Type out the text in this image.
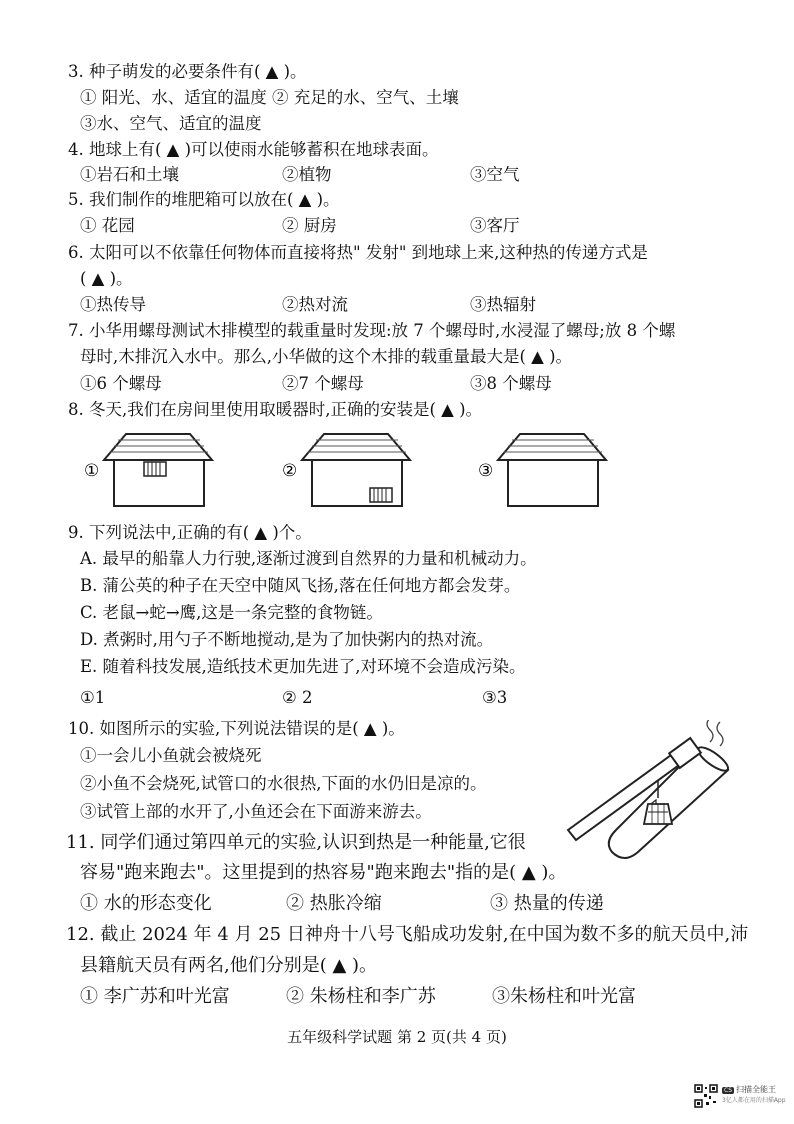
3. 种子萌发的必要条件有( ▲ )。
① 阳光、水、适宜的温度 ② 充足的水、空气、土壤
③水、空气、适宜的温度
4. 地球上有( ▲ )可以使雨水能够蓄积在地球表面。
①岩石和土壤	②植物	③空气
5. 我们制作的堆肥箱可以放在( ▲ )。
① 花园	② 厨房	③客厅
6. 太阳可以不依靠任何物体而直接将热" 发射" 到地球上来,这种热的传递方式是
( ▲ )。
①热传导	②热对流	③热辐射
7. 小华用螺母测试木排模型的载重量时发现:放 7 个螺母时,水浸湿了螺母;放 8 个螺
母时,木排沉入水中。那么,小华做的这个木排的载重量最大是( ▲ )。
①6 个螺母	②7 个螺母	③8 个螺母
8. 冬天,我们在房间里使用取暖器时,正确的安装是( ▲ )。
9. 下列说法中,正确的有( ▲ )个。
A. 最早的船靠人力行驶,逐渐过渡到自然界的力量和机械动力。
B. 蒲公英的种子在天空中随风飞扬,落在任何地方都会发芽。
C. 老鼠→蛇→鹰,这是一条完整的食物链。
D. 煮粥时,用勺子不断地搅动,是为了加快粥内的热对流。
E. 随着科技发展,造纸技术更加先进了,对环境不会造成污染。
①1	② 2	③3
10. 如图所示的实验,下列说法错误的是( ▲ )。
①一会儿小鱼就会被烧死
②小鱼不会烧死,试管口的水很热,下面的水仍旧是凉的。
③试管上部的水开了,小鱼还会在下面游来游去。
11. 同学们通过第四单元的实验,认识到热是一种能量,它很
容易"跑来跑去"。这里提到的热容易"跑来跑去"指的是( ▲ )。
① 水的形态变化	② 热胀冷缩	③ 热量的传递
12. 截止 2024 年 4 月 25 日神舟十八号飞船成功发射,在中国为数不多的航天员中,沛
县籍航天员有两名,他们分别是( ▲ )。
① 李广苏和叶光富	② 朱杨柱和李广苏	③朱杨柱和叶光富
①	②	③
五年级科学试题 第 2 页(共 4 页)
CS 扫描全能王
3亿人都在用的扫描App
